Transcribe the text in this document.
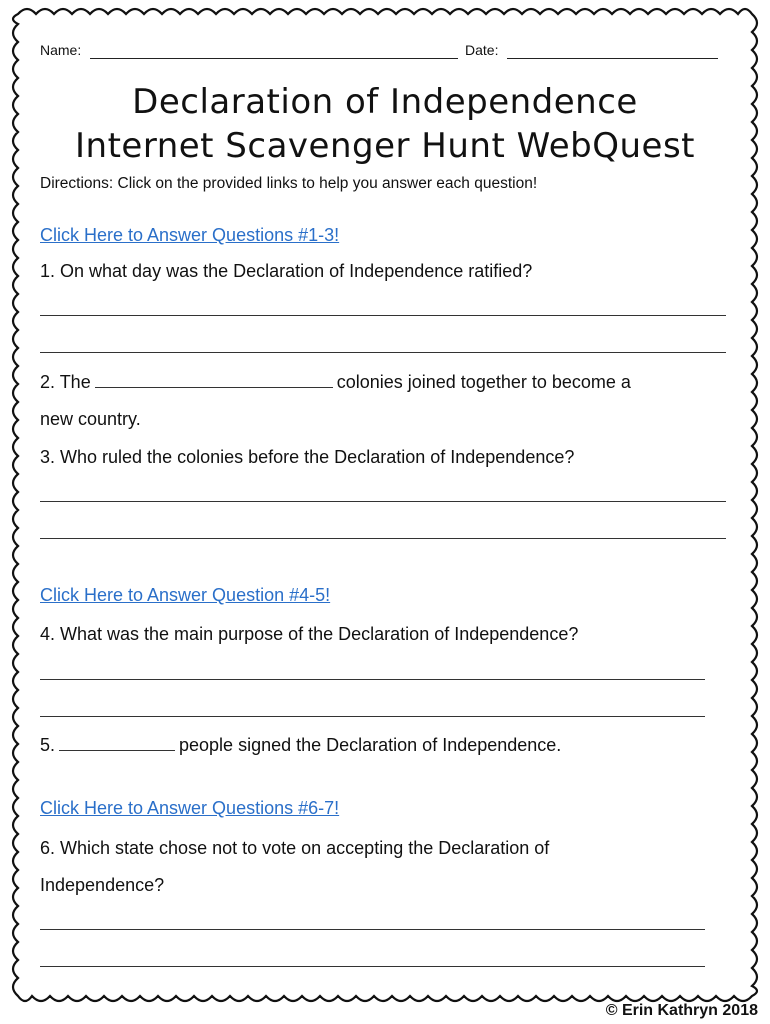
Name:	Date:
Declaration of Independence
Internet Scavenger Hunt WebQuest
Directions: Click on the provided links to help you answer each question!
Click Here to Answer Questions #1-3!
1. On what day was the Declaration of Independence ratified?
2. The	colonies joined together to become a
new country.
3. Who ruled the colonies before the Declaration of Independence?
Click Here to Answer Question #4-5!
4. What was the main purpose of the Declaration of Independence?
5.	people signed the Declaration of Independence.
Click Here to Answer Questions #6-7!
6. Which state chose not to vote on accepting the Declaration of
Independence?
© Erin Kathryn 2018
